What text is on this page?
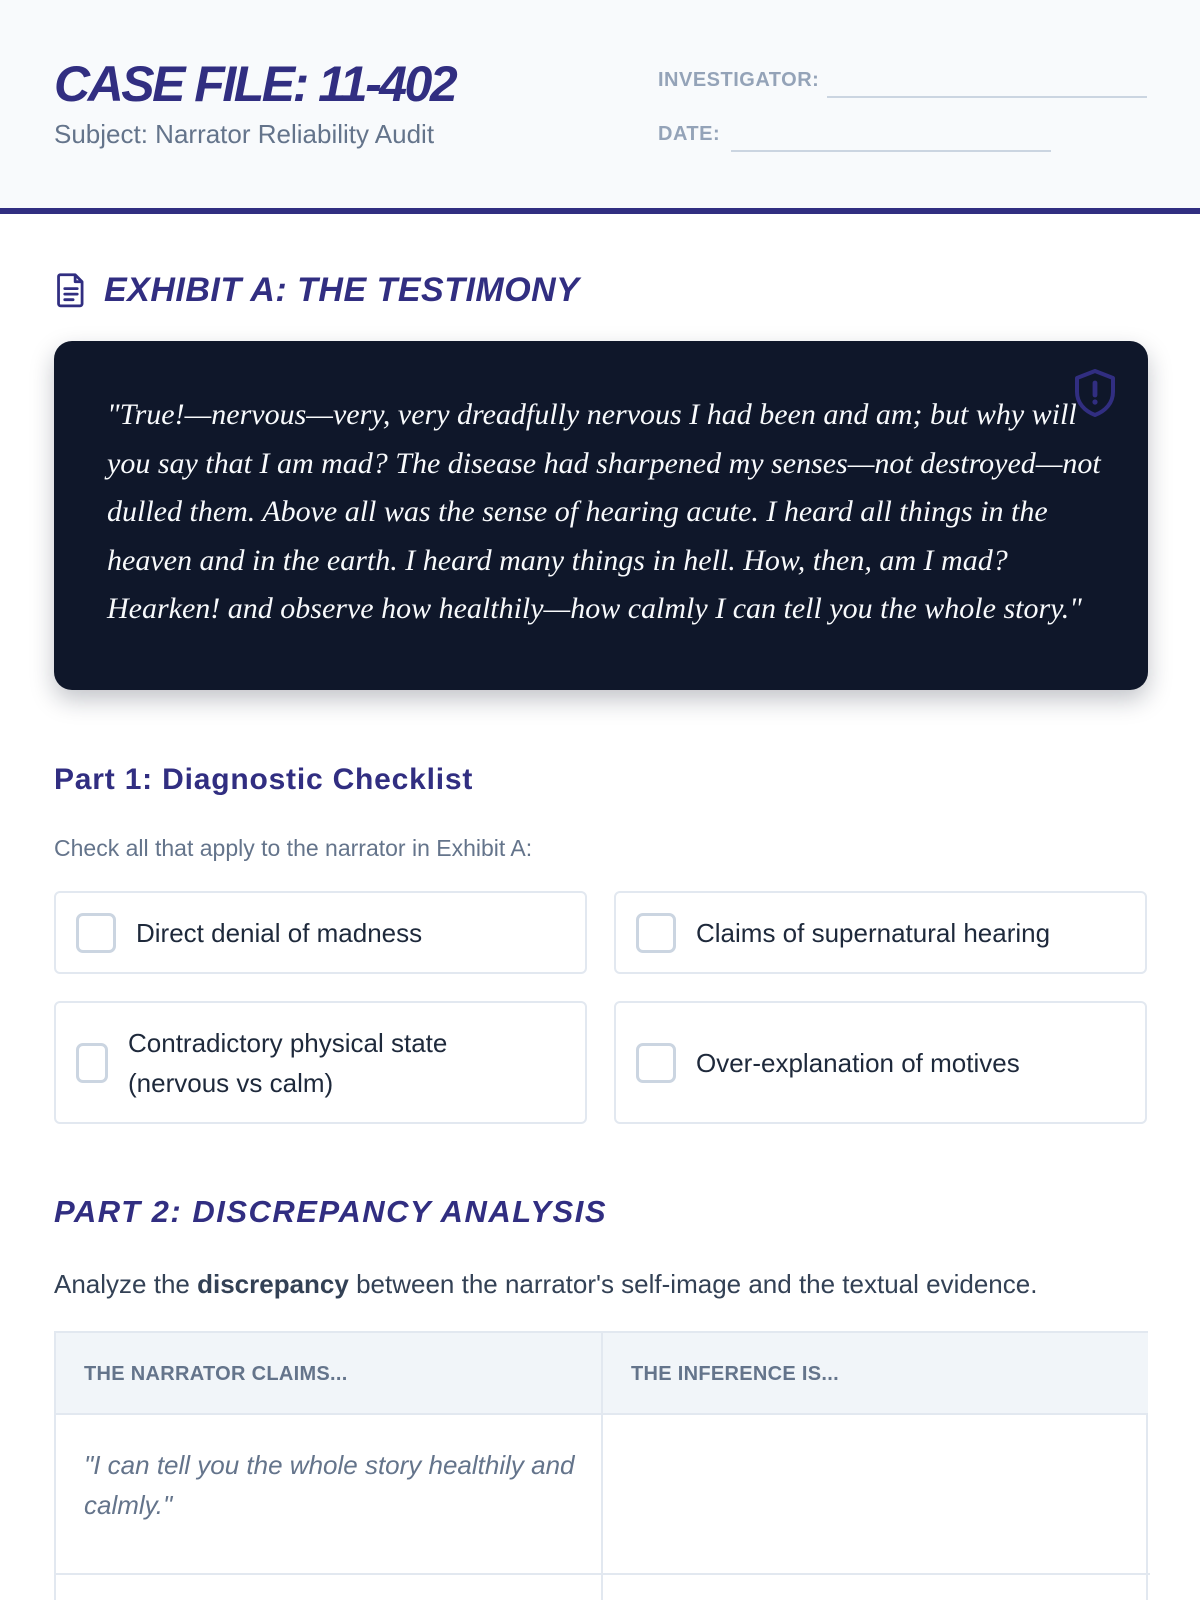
CASE FILE: 11-402
Subject: Narrator Reliability Audit
INVESTIGATOR:
DATE:
EXHIBIT A: THE TESTIMONY
"True!—nervous—very, very dreadfully nervous I had been and am; but why will you say that I am mad? The disease had sharpened my senses—not destroyed—not dulled them. Above all was the sense of hearing acute. I heard all things in the heaven and in the earth. I heard many things in hell. How, then, am I mad? Hearken! and observe how healthily—how calmly I can tell you the whole story."
Part 1: Diagnostic Checklist
Check all that apply to the narrator in Exhibit A:
Direct denial of madness	Claims of supernatural hearing
Contradictory physical state (nervous vs calm)
Over-explanation of motives
PART 2: DISCREPANCY ANALYSIS
Analyze the discrepancy between the narrator's self-image and the textual evidence.
THE NARRATOR CLAIMS...	THE INFERENCE IS...
"I can tell you the whole story healthily and calmly."
